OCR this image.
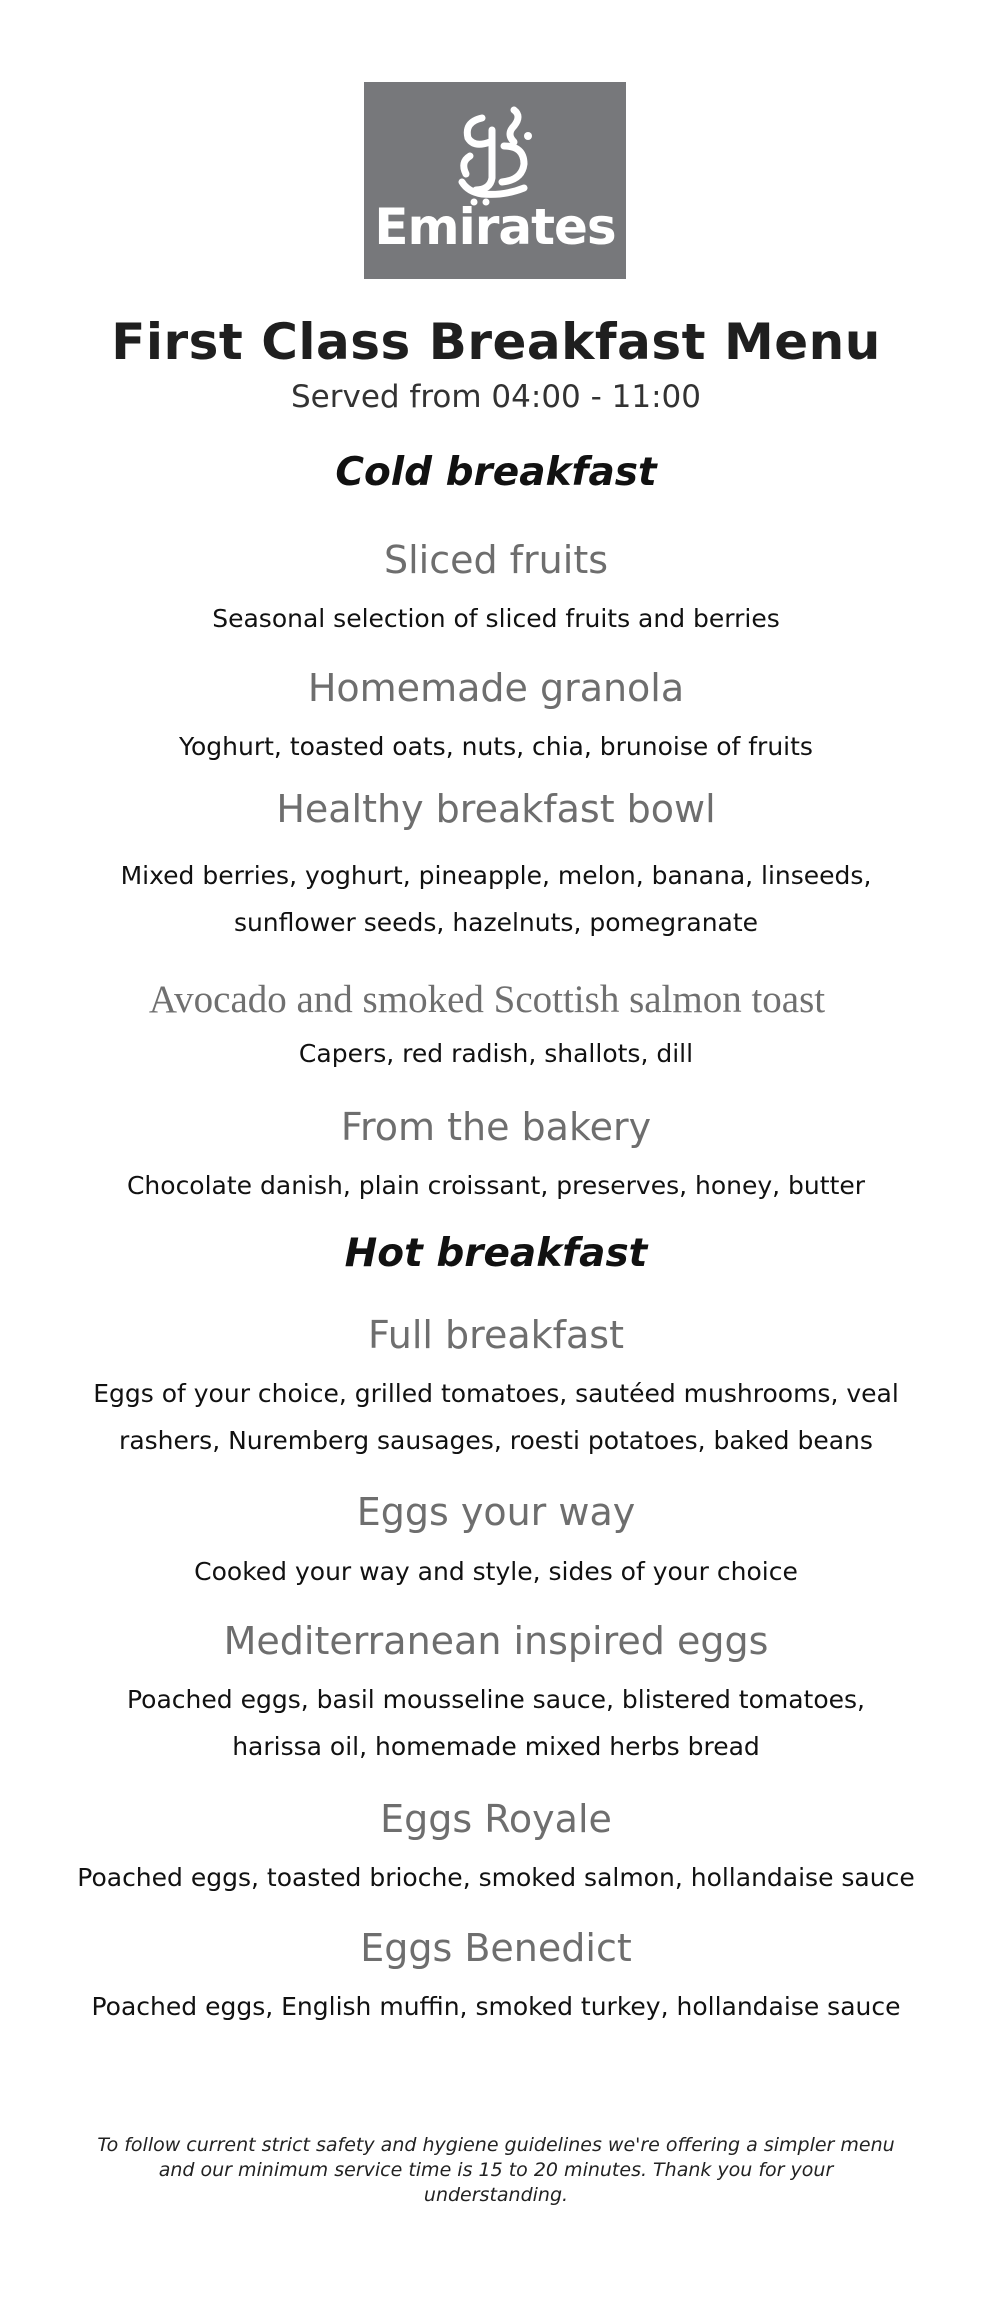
Emirates
First Class Breakfast Menu
Served from 04:00 - 11:00
Cold breakfast
Sliced fruits
Seasonal selection of sliced fruits and berries
Homemade granola
Yoghurt, toasted oats, nuts, chia, brunoise of fruits
Healthy breakfast bowl
Mixed berries, yoghurt, pineapple, melon, banana, linseeds, sunflower seeds, hazelnuts, pomegranate
Avocado and smoked Scottish salmon toast
Capers, red radish, shallots, dill
From the bakery
Chocolate danish, plain croissant, preserves, honey, butter
Hot breakfast
Full breakfast
Eggs of your choice, grilled tomatoes, sautéed mushrooms, veal rashers, Nuremberg sausages, roesti potatoes, baked beans
Eggs your way
Cooked your way and style, sides of your choice
Mediterranean inspired eggs
Poached eggs, basil mousseline sauce, blistered tomatoes, harissa oil, homemade mixed herbs bread
Eggs Royale
Poached eggs, toasted brioche, smoked salmon, hollandaise sauce
Eggs Benedict
Poached eggs, English muffin, smoked turkey, hollandaise sauce
To follow current strict safety and hygiene guidelines we're offering a simpler menu and our minimum service time is 15 to 20 minutes. Thank you for your understanding.
